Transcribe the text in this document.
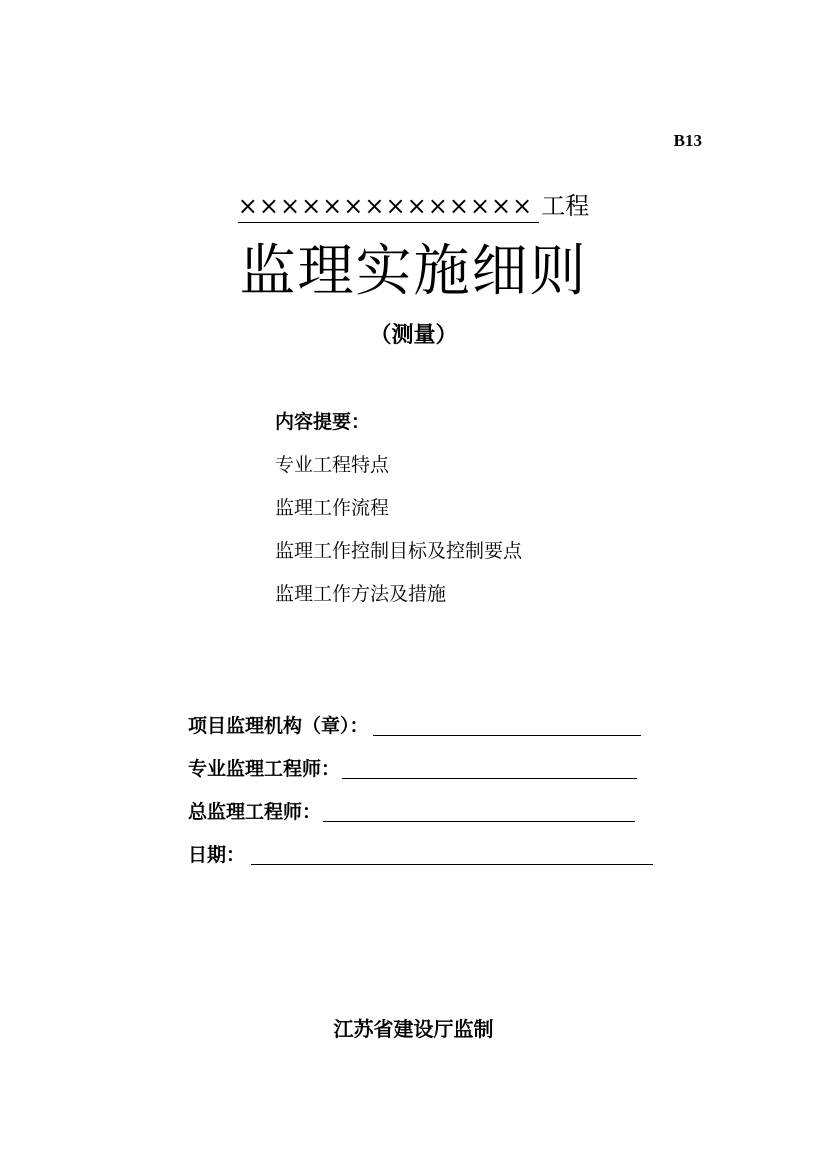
B13
×××××××××××××× 工程
监理实施细则
（测量）
内容提要：
专业工程特点
监理工作流程
监理工作控制目标及控制要点
监理工作方法及措施
项目监理机构（章）：
专业监理工程师：
总监理工程师：
日期：
江苏省建设厅监制
